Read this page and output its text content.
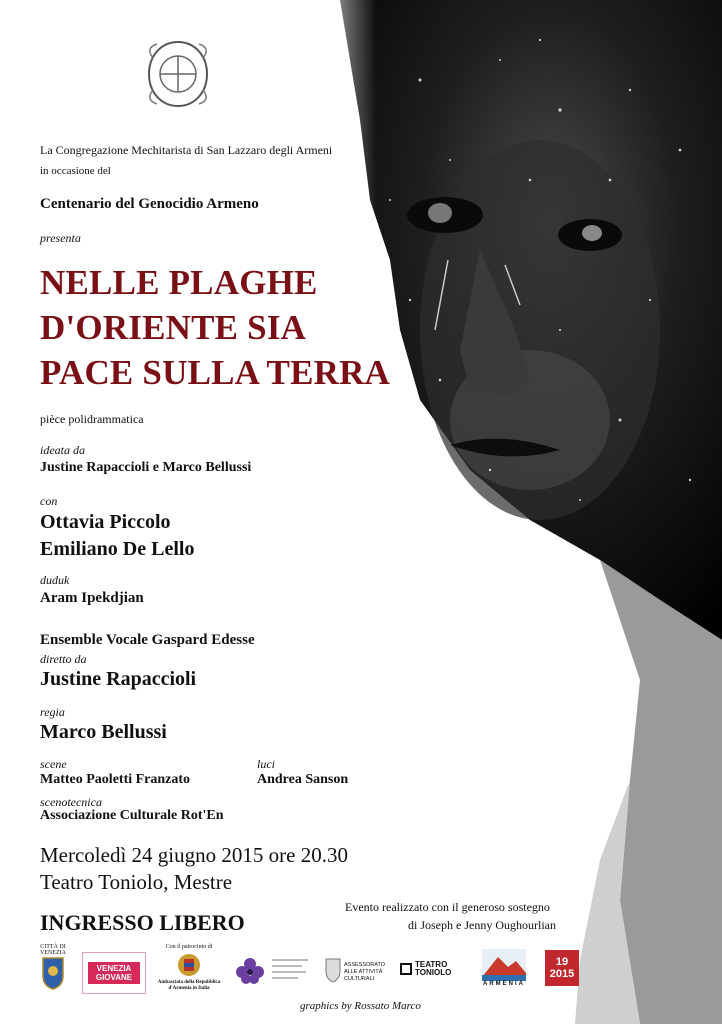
La Congregazione Mechitarista di San Lazzaro degli Armeni
in occasione del
Centenario del Genocidio Armeno
presenta
NELLE PLAGHE
D'ORIENTE SIA
PACE SULLA TERRA
pièce polidrammatica
ideata da
Justine Rapaccioli e Marco Bellussi
con
Ottavia Piccolo
Emiliano De Lello
duduk
Aram Ipekdjian
Ensemble Vocale Gaspard Edesse
diretto da
Justine Rapaccioli
regia
Marco Bellussi
scene
Matteo Paoletti Franzato
luci
Andrea Sanson
scenotecnica
Associazione Culturale Rot'En
Mercoledì 24 giugno 2015 ore 20.30
Teatro Toniolo, Mestre
INGRESSO LIBERO
Evento realizzato con il generoso sostegno
di Joseph e Jenny Oughourlian
CITTÀ DI VENEZIA
VENEZIA GIOVANE
Con il patrocinio di
Ambasciata della Repubblica d'Armenia in Italia
ASSESSORATO ALLE ATTIVITÀ CULTURALI
TEATRO TONIOLO
ARMENIA
19
2015
graphics by Rossato Marco
